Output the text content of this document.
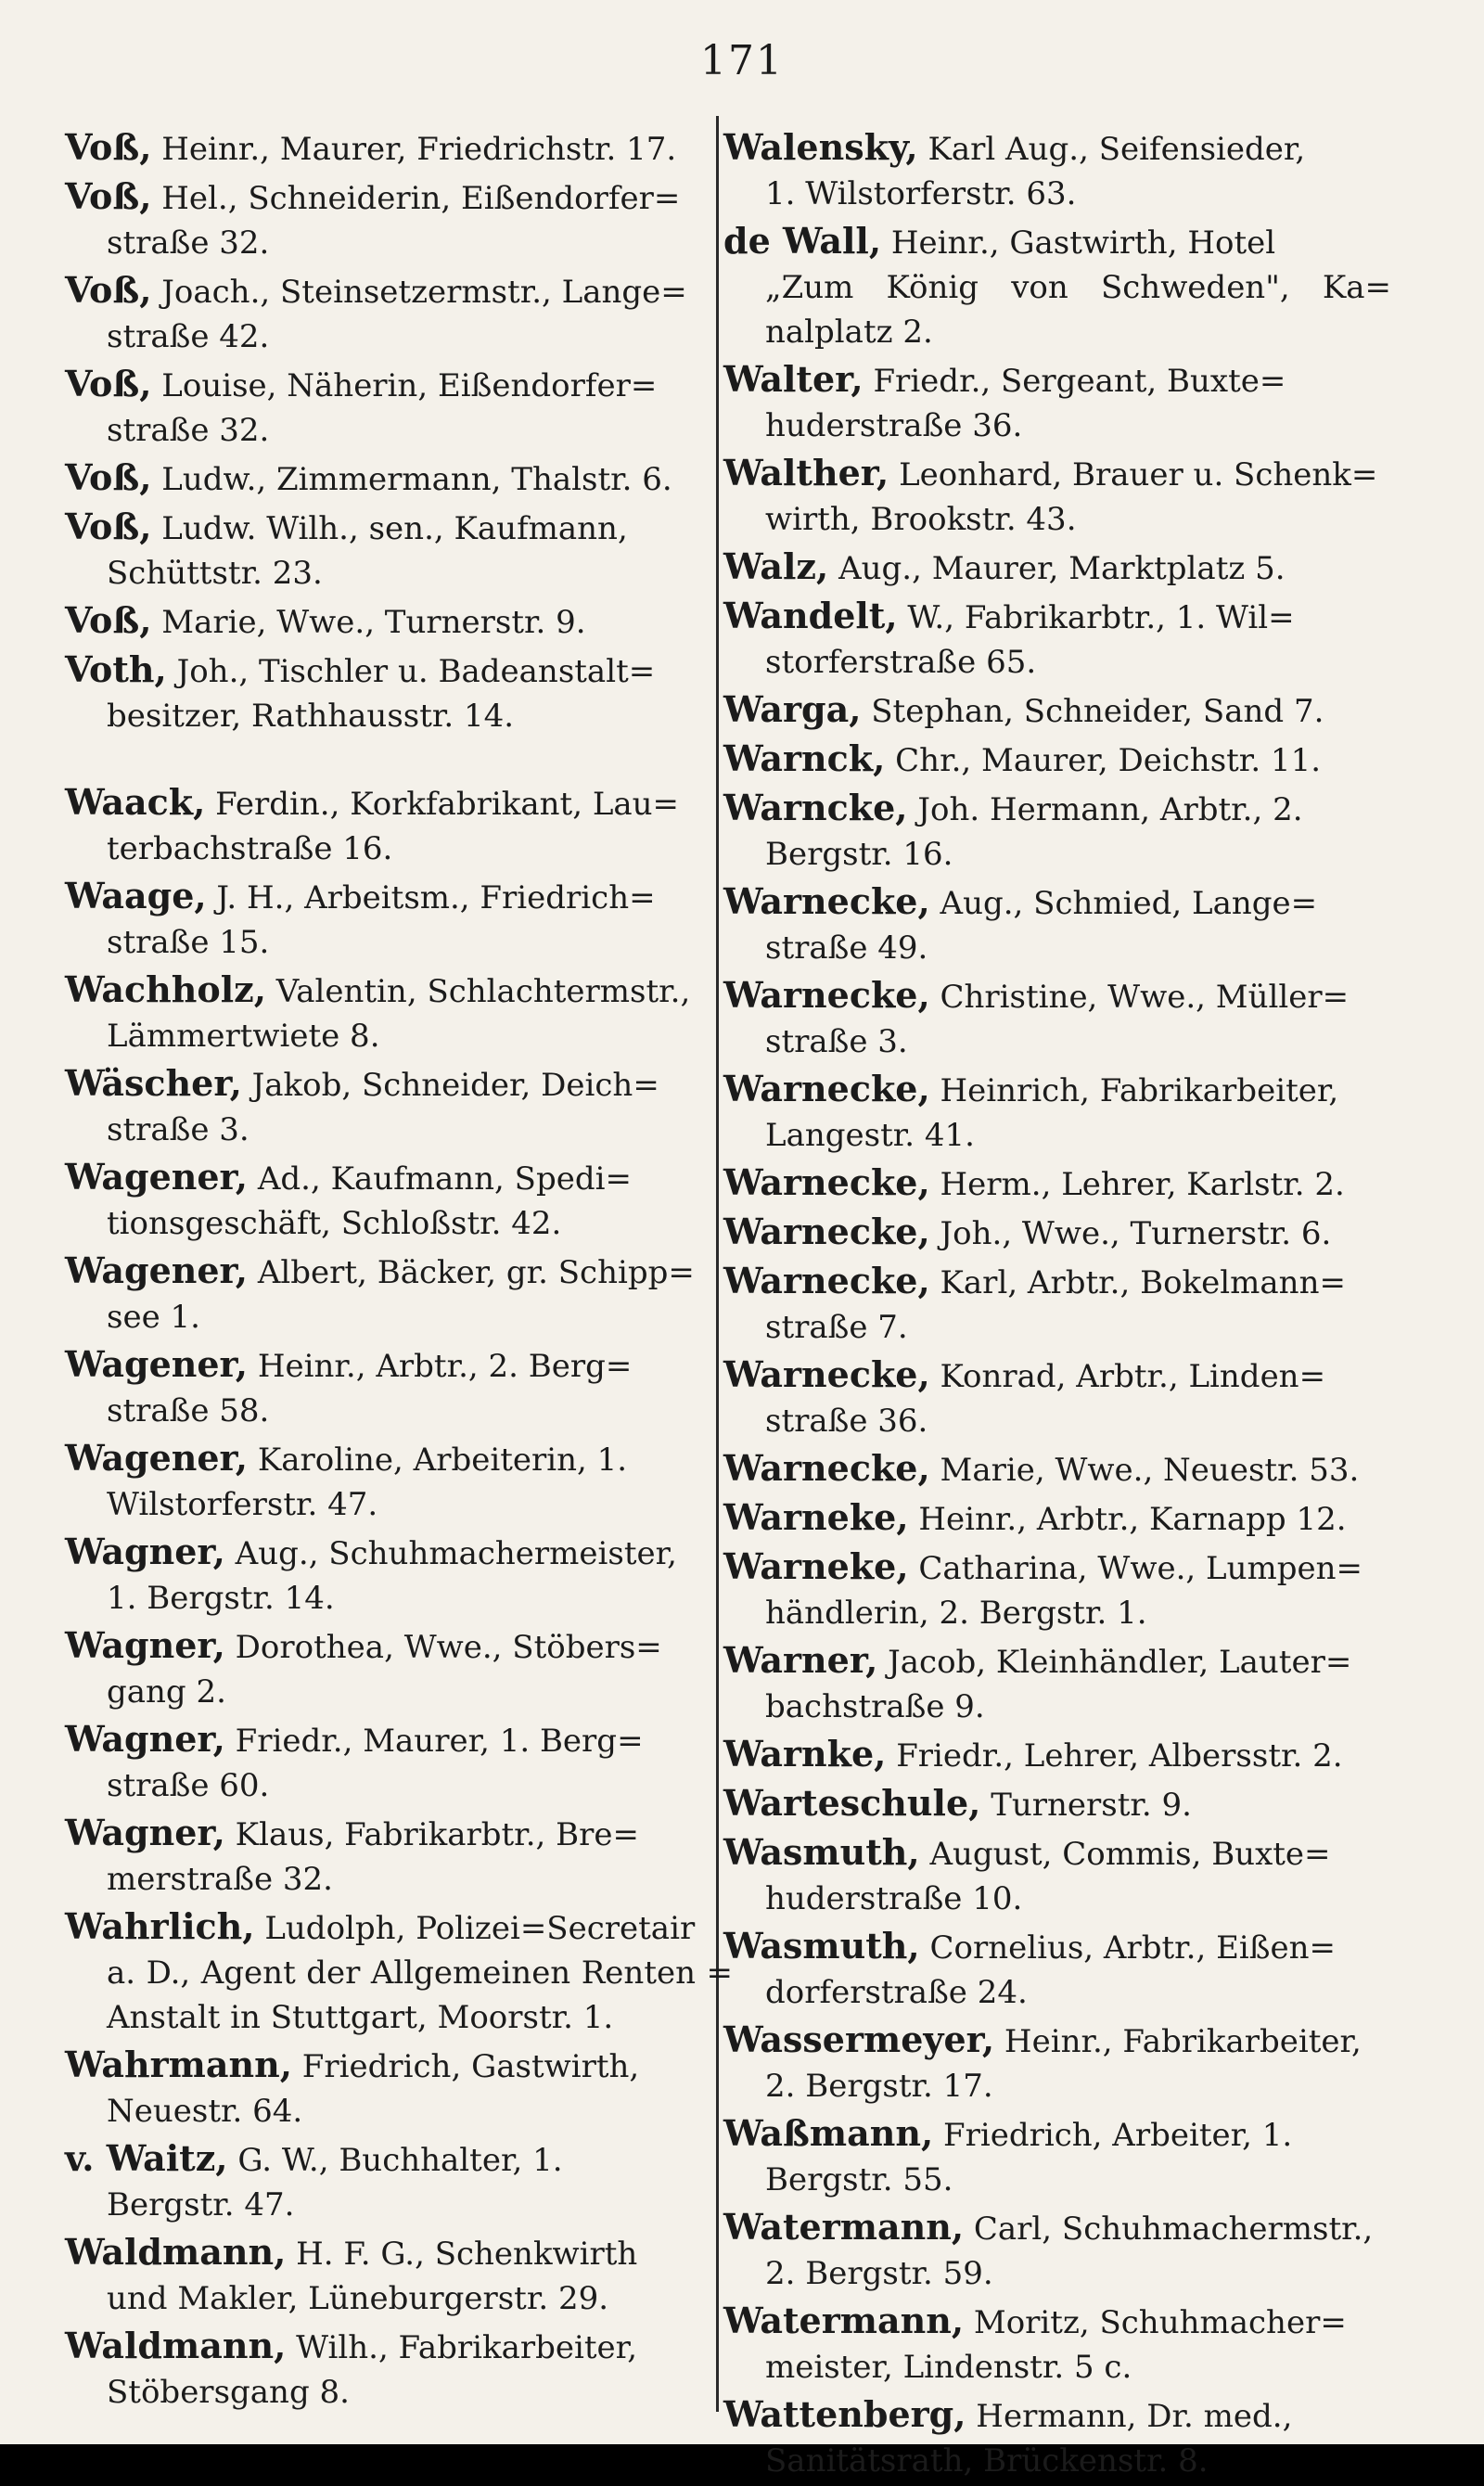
171
Voß, Heinr., Maurer, Friedrichstr. 17.
Voß, Hel., Schneiderin, Eißendorfer=
straße 32.
Voß, Joach., Steinsetzermstr., Lange=
straße 42.
Voß, Louise, Näherin, Eißendorfer=
straße 32.
Voß, Ludw., Zimmermann, Thalstr. 6.
Voß, Ludw. Wilh., sen., Kaufmann,
Schüttstr. 23.
Voß, Marie, Wwe., Turnerstr. 9.
Voth, Joh., Tischler u. Badeanstalt=
besitzer, Rathhausstr. 14.
Waack, Ferdin., Korkfabrikant, Lau=
terbachstraße 16.
Waage, J. H., Arbeitsm., Friedrich=
straße 15.
Wachholz, Valentin, Schlachtermstr.,
Lämmertwiete 8.
Wäscher, Jakob, Schneider, Deich=
straße 3.
Wagener, Ad., Kaufmann, Spedi=
tionsgeschäft, Schloßstr. 42.
Wagener, Albert, Bäcker, gr. Schipp=
see 1.
Wagener, Heinr., Arbtr., 2. Berg=
straße 58.
Wagener, Karoline, Arbeiterin, 1.
Wilstorferstr. 47.
Wagner, Aug., Schuhmachermeister,
1. Bergstr. 14.
Wagner, Dorothea, Wwe., Stöbers=
gang 2.
Wagner, Friedr., Maurer, 1. Berg=
straße 60.
Wagner, Klaus, Fabrikarbtr., Bre=
merstraße 32.
Wahrlich, Ludolph, Polizei=Secretair
a. D., Agent der Allgemeinen Renten = Anstalt in Stuttgart, Moorstr. 1.
Wahrmann, Friedrich, Gastwirth,
Neuestr. 64.
v. Waitz, G. W., Buchhalter, 1.
Bergstr. 47.
Waldmann, H. F. G., Schenkwirth
und Makler, Lüneburgerstr. 29.
Waldmann, Wilh., Fabrikarbeiter,
Stöbersgang 8.
Walensky, Karl Aug., Seifensieder,
1. Wilstorferstr. 63.
de Wall, Heinr., Gastwirth, Hotel
„Zum König von Schweden", Ka= nalplatz 2.
Walter, Friedr., Sergeant, Buxte=
huderstraße 36.
Walther, Leonhard, Brauer u. Schenk=
wirth, Brookstr. 43.
Walz, Aug., Maurer, Marktplatz 5.
Wandelt, W., Fabrikarbtr., 1. Wil=
storferstraße 65.
Warga, Stephan, Schneider, Sand 7.
Warnck, Chr., Maurer, Deichstr. 11.
Warncke, Joh. Hermann, Arbtr., 2.
Bergstr. 16.
Warnecke, Aug., Schmied, Lange=
straße 49.
Warnecke, Christine, Wwe., Müller=
straße 3.
Warnecke, Heinrich, Fabrikarbeiter,
Langestr. 41.
Warnecke, Herm., Lehrer, Karlstr. 2.
Warnecke, Joh., Wwe., Turnerstr. 6.
Warnecke, Karl, Arbtr., Bokelmann=
straße 7.
Warnecke, Konrad, Arbtr., Linden=
straße 36.
Warnecke, Marie, Wwe., Neuestr. 53.
Warneke, Heinr., Arbtr., Karnapp 12.
Warneke, Catharina, Wwe., Lumpen=
händlerin, 2. Bergstr. 1.
Warner, Jacob, Kleinhändler, Lauter=
bachstraße 9.
Warnke, Friedr., Lehrer, Albersstr. 2.
Warteschule, Turnerstr. 9.
Wasmuth, August, Commis, Buxte=
huderstraße 10.
Wasmuth, Cornelius, Arbtr., Eißen=
dorferstraße 24.
Wassermeyer, Heinr., Fabrikarbeiter,
2. Bergstr. 17.
Waßmann, Friedrich, Arbeiter, 1.
Bergstr. 55.
Watermann, Carl, Schuhmachermstr.,
2. Bergstr. 59.
Watermann, Moritz, Schuhmacher=
meister, Lindenstr. 5 c.
Wattenberg, Hermann, Dr. med.,
Sanitätsrath, Brückenstr. 8.
